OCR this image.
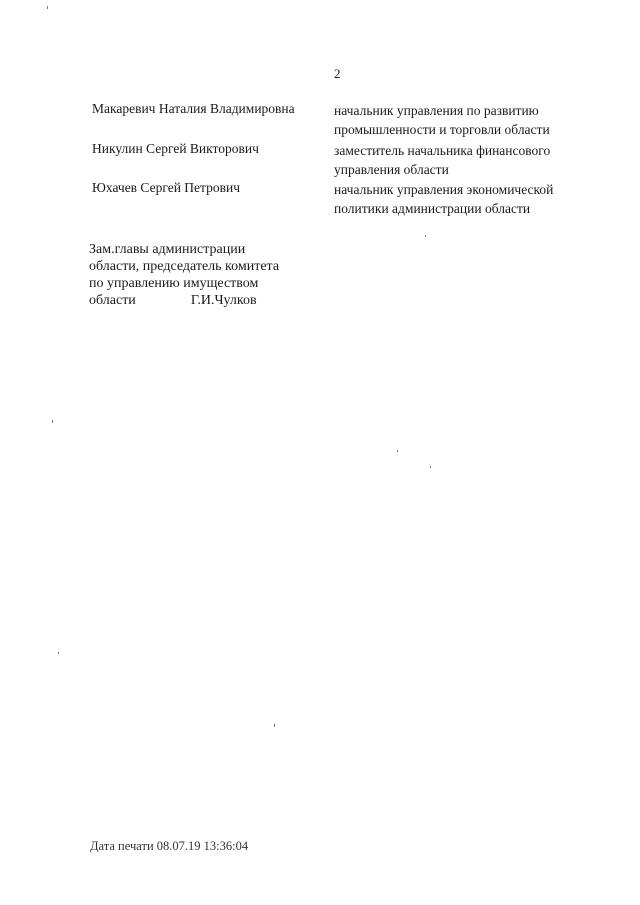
2
Макаревич Наталия Владимировна	начальник управления по развитию
промышленности и торговли области
Никулин Сергей Викторович	заместитель начальника финансового
управления области
Юхачев Сергей Петрович	начальник управления экономической
политики администрации области
Зам.главы администрации
области, председатель комитета
по управлению имуществом
области	Г.И.Чулков
Дата печати 08.07.19 13:36:04
